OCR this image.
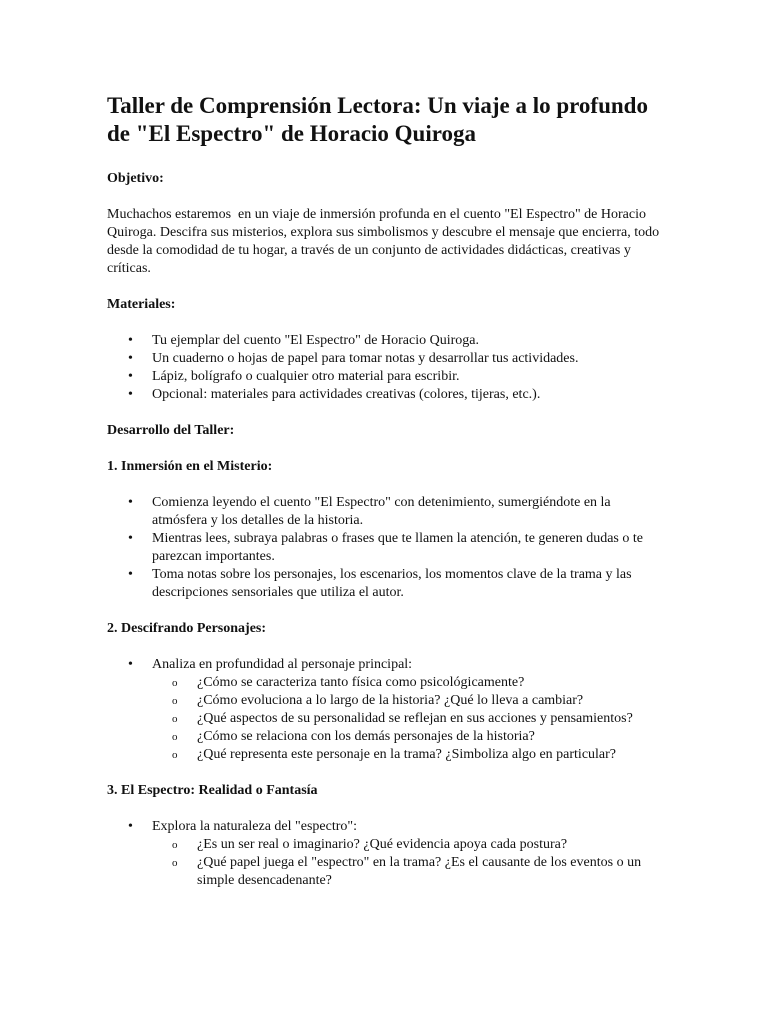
Taller de Comprensión Lectora: Un viaje a lo profundo de "El Espectro" de Horacio Quiroga
Objetivo:
Muchachos estaremos  en un viaje de inmersión profunda en el cuento "El Espectro" de Horacio Quiroga. Descifra sus misterios, explora sus simbolismos y descubre el mensaje que encierra, todo desde la comodidad de tu hogar, a través de un conjunto de actividades didácticas, creativas y críticas.
Materiales:
•	Tu ejemplar del cuento "El Espectro" de Horacio Quiroga.
•	Un cuaderno o hojas de papel para tomar notas y desarrollar tus actividades.
•	Lápiz, bolígrafo o cualquier otro material para escribir.
•	Opcional: materiales para actividades creativas (colores, tijeras, etc.).
Desarrollo del Taller:
1. Inmersión en el Misterio:
•	Comienza leyendo el cuento "El Espectro" con detenimiento, sumergiéndote en la atmósfera y los detalles de la historia.
•	Mientras lees, subraya palabras o frases que te llamen la atención, te generen dudas o te parezcan importantes.
•	Toma notas sobre los personajes, los escenarios, los momentos clave de la trama y las descripciones sensoriales que utiliza el autor.
2. Descifrando Personajes:
•	Analiza en profundidad al personaje principal:
o ¿Cómo se caracteriza tanto física como psicológicamente?
o ¿Cómo evoluciona a lo largo de la historia? ¿Qué lo lleva a cambiar?
o ¿Qué aspectos de su personalidad se reflejan en sus acciones y pensamientos?
o ¿Cómo se relaciona con los demás personajes de la historia?
o ¿Qué representa este personaje en la trama? ¿Simboliza algo en particular?
3. El Espectro: Realidad o Fantasía
•	Explora la naturaleza del "espectro":
o ¿Es un ser real o imaginario? ¿Qué evidencia apoya cada postura?
o ¿Qué papel juega el "espectro" en la trama? ¿Es el causante de los eventos o un simple desencadenante?
